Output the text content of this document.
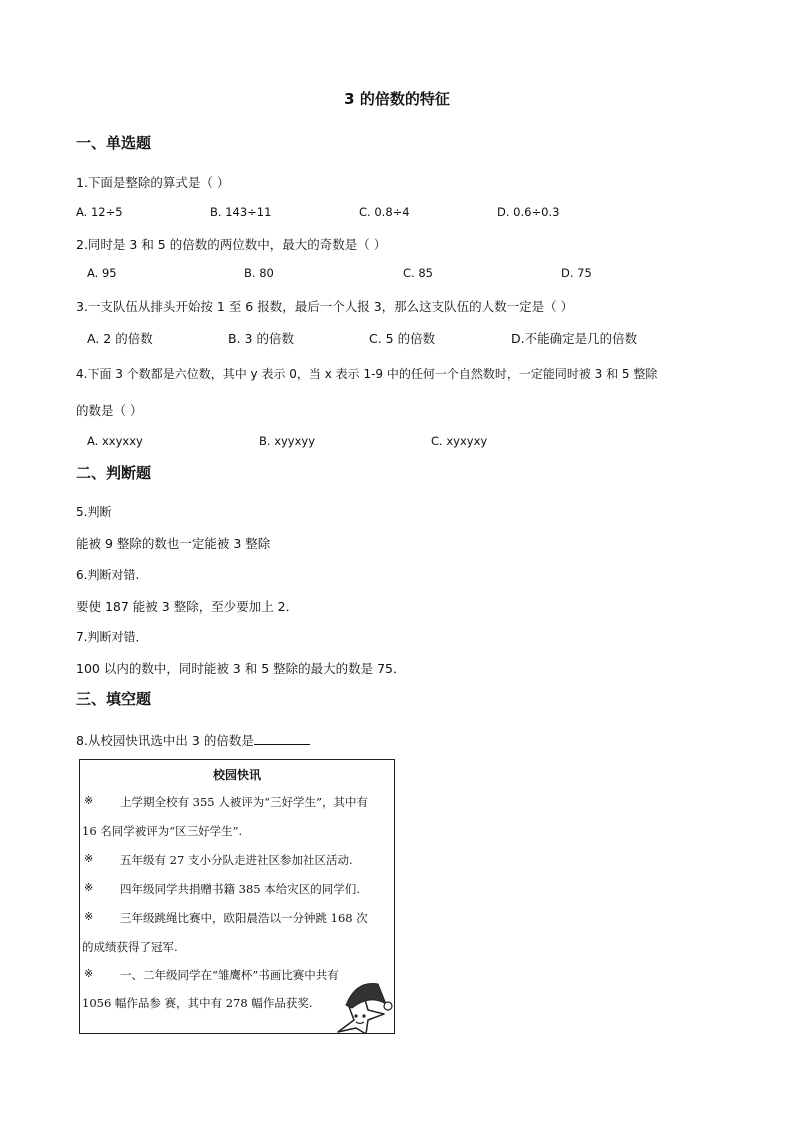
3 的倍数的特征
一、单选题
1.下面是整除的算式是（ ）
A. 12÷5	B. 143÷11	C. 0.8÷4	D. 0.6÷0.3
2.同时是 3 和 5 的倍数的两位数中，最大的奇数是（ ）
A. 95	B. 80	C. 85	D. 75
3.一支队伍从排头开始按 1 至 6 报数，最后一个人报 3，那么这支队伍的人数一定是（ ）
A. 2 的倍数	B. 3 的倍数	C. 5 的倍数	D.不能确定是几的倍数
4.下面 3 个数都是六位数，其中 y 表示 0，当 x 表示 1-9 中的任何一个自然数时，一定能同时被 3 和 5 整除
的数是（ ）
A. xxyxxy	B. xyyxyy	C. xyxyxy
二、判断题
5.判断
能被 9 整除的数也一定能被 3 整除
6.判断对错.
要使 187 能被 3 整除，至少要加上 2．
7.判断对错．
100 以内的数中，同时能被 3 和 5 整除的最大的数是 75．
三、填空题
8.从校园快讯选中出 3 的倍数是
校园快讯
※ 上学期全校有 355 人被评为“三好学生”，其中有
16 名同学被评为“区三好学生”.
※ 五年级有 27 支小分队走进社区参加社区活动.
※ 四年级同学共捐赠书籍 385 本给灾区的同学们.
※ 三年级跳绳比赛中，欧阳晨浩以一分钟跳 168 次
的成绩获得了冠军.
※ 一、二年级同学在“雏鹰杯”书画比赛中共有
1056 幅作品参 赛，其中有 278 幅作品获奖.
